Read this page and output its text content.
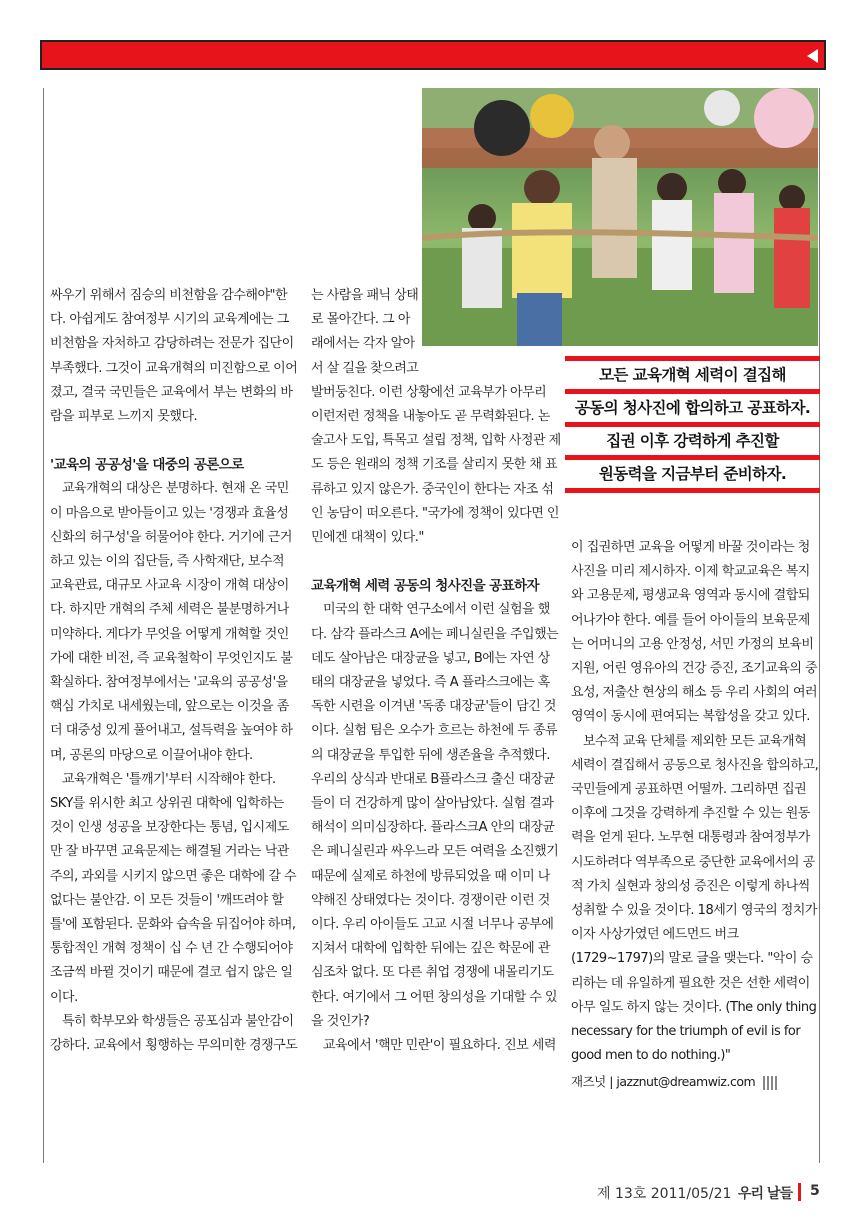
싸우기 위해서 짐승의 비천함을 감수해야"한다. 아쉽게도 참여정부 시기의 교육계에는 그 비천함을 자처하고 감당하려는 전문가 집단이 부족했다. 그것이 교육개혁의 미진함으로 이어졌고, 결국 국민들은 교육에서 부는 변화의 바람을 피부로 느끼지 못했다.

'교육의 공공성'을 대중의 공론으로

교육개혁의 대상은 분명하다. 현재 온 국민이 마음으로 받아들이고 있는 '경쟁과 효율성 신화의 허구성'을 허물어야 한다. 거기에 근거하고 있는 이의 집단들, 즉 사학재단, 보수적 교육관료, 대규모 사교육 시장이 개혁 대상이다. 하지만 개혁의 주체 세력은 불분명하거나 미약하다. 게다가 무엇을 어떻게 개혁할 것인가에 대한 비전, 즉 교육철학이 무엇인지도 불확실하다. 참여정부에서는 '교육의 공공성'을 핵심 가치로 내세웠는데, 앞으로는 이것을 좀 더 대중성 있게 풀어내고, 설득력을 높여야 하며, 공론의 마당으로 이끌어내야 한다.

교육개혁은 '틀깨기'부터 시작해야 한다. SKY를 위시한 최고 상위권 대학에 입학하는 것이 인생 성공을 보장한다는 통념, 입시제도만 잘 바꾸면 교육문제는 해결될 거라는 낙관주의, 과외를 시키지 않으면 좋은 대학에 갈 수 없다는 불안감. 이 모든 것들이 '깨뜨려야 할 틀'에 포함된다. 문화와 습속을 뒤집어야 하며, 통합적인 개혁 정책이 십 수 년 간 수행되어야 조금씩 바뀔 것이기 때문에 결코 쉽지 않은 일이다.

특히 학부모와 학생들은 공포심과 불안감이 강하다. 교육에서 횡행하는 무의미한 경쟁구도

는 사람을 패닉 상태로 몰아간다. 그 아래에서는 각자 알아서 살 길을 찾으려고 발버둥친다. 이런 상황에선 교육부가 아무리 이런저런 정책을 내놓아도 곧 무력화된다. 논술고사 도입, 특목고 설립 정책, 입학 사정관 제도 등은 원래의 정책 기조를 살리지 못한 채 표류하고 있지 않은가. 중국인이 한다는 자조 섞인 농담이 떠오른다. "국가에 정책이 있다면 인민에겐 대책이 있다."

교육개혁 세력 공동의 청사진을 공표하자

미국의 한 대학 연구소에서 이런 실험을 했다. 삼각 플라스크 A에는 페니실린을 주입했는데도 살아남은 대장균을 넣고, B에는 자연 상태의 대장균을 넣었다. 즉 A 플라스크에는 혹독한 시련을 이겨낸 '독종 대장균'들이 담긴 것이다. 실험 팀은 오수가 흐르는 하천에 두 종류의 대장균을 투입한 뒤에 생존율을 추적했다. 우리의 상식과 반대로 B플라스크 출신 대장균들이 더 건강하게 많이 살아남았다. 실험 결과 해석이 의미심장하다. 플라스크A 안의 대장균은 페니실린과 싸우느라 모든 여력을 소진했기 때문에 실제로 하천에 방류되었을 때 이미 나약해진 상태였다는 것이다. 경쟁이란 이런 것이다. 우리 아이들도 고교 시절 너무나 공부에 지쳐서 대학에 입학한 뒤에는 깊은 학문에 관심조차 없다. 또 다른 취업 경쟁에 내몰리기도 한다. 여기에서 그 어떤 창의성을 기대할 수 있을 것인가?

교육에서 '핵만 민란'이 필요하다. 진보 세력

모든 교육개혁 세력이 결집해
공동의 청사진에 합의하고 공표하자.
집권 이후 강력하게 추진할
원동력을 지금부터 준비하자.

이 집권하면 교육을 어떻게 바꿀 것이라는 청사진을 미리 제시하자. 이제 학교교육은 복지와 고용문제, 평생교육 영역과 동시에 결합되어나가야 한다. 예를 들어 아이들의 보육문제는 어머니의 고용 안정성, 서민 가정의 보육비 지원, 어린 영유아의 건강 증진, 조기교육의 중요성, 저출산 현상의 해소 등 우리 사회의 여러 영역이 동시에 편여되는 복합성을 갖고 있다.

보수적 교육 단체를 제외한 모든 교육개혁 세력이 결집해서 공동으로 청사진을 합의하고, 국민들에게 공표하면 어떨까. 그리하면 집권 이후에 그것을 강력하게 추진할 수 있는 원동력을 얻게 된다. 노무현 대통령과 참여정부가 시도하려다 역부족으로 중단한 교육에서의 공적 가치 실현과 창의성 증진은 이렇게 하나씩 성취할 수 있을 것이다. 18세기 영국의 정치가이자 사상가였던 에드먼드 버크(1729~1797)의 말로 글을 맺는다. "악이 승리하는 데 유일하게 필요한 것은 선한 세력이 아무 일도 하지 않는 것이다. (The only thing necessary for the triumph of evil is for good men to do nothing.)"

재즈넛 | jazznut@dreamwiz.com

제 13호 2011/05/21 우리 날들 5
